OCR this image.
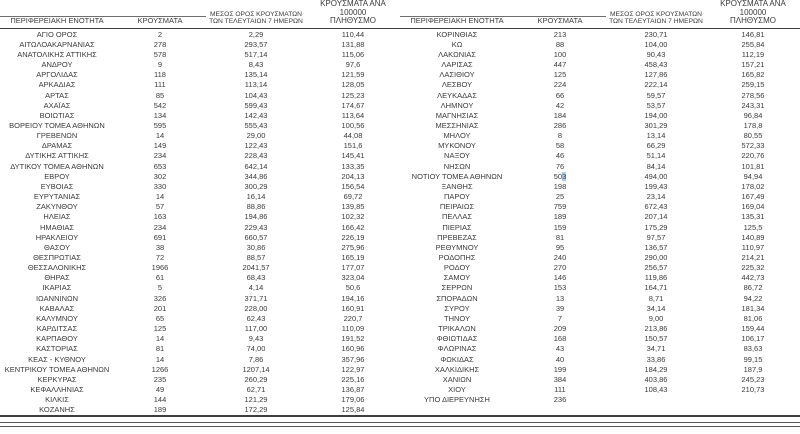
ΠΕΡΙΦΕΡΕΙΑΚΗ ΕΝΟΤΗΤΑ	ΚΡΟΥΣΜΑΤΑ
ΜΕΣΟΣ ΟΡΟΣ ΚΡΟΥΣΜΑΤΩΝ
ΤΩΝ ΤΕΛΕΥΤΑΙΩΝ 7 ΗΜΕΡΩΝ
ΚΡΟΥΣΜΑΤΑ ΑΝΑ 100000
ΠΛΗΘΥΣΜΟ
ΑΓΙΟ ΟΡΟΣ	2	2,29	110,44
ΑΙΤΩΛΟΑΚΑΡΝΑΝΙΑΣ	278	293,57	131,88
ΑΝΑΤΟΛΙΚΗΣ ΑΤΤΙΚΗΣ	578	517,14	115,06
ΑΝΔΡΟΥ	9	8,43	97,6
ΑΡΓΟΛΙΔΑΣ	118	135,14	121,59
ΑΡΚΑΔΙΑΣ	111	113,14	128,05
ΑΡΤΑΣ	85	104,43	125,23
ΑΧΑΪΑΣ	542	599,43	174,67
ΒΟΙΩΤΙΑΣ	134	142,43	113,64
ΒΟΡΕΙΟΥ ΤΟΜΕΑ ΑΘΗΝΩΝ	595	555,43	100,56
ΓΡΕΒΕΝΩΝ	14	29,00	44,08
ΔΡΑΜΑΣ	149	122,43	151,6
ΔΥΤΙΚΗΣ ΑΤΤΙΚΗΣ	234	228,43	145,41
ΔΥΤΙΚΟΥ ΤΟΜΕΑ ΑΘΗΝΩΝ	653	642,14	133,35
ΕΒΡΟΥ	302	344,86	204,13
ΕΥΒΟΙΑΣ	330	300,29	156,54
ΕΥΡΥΤΑΝΙΑΣ	14	16,14	69,72
ΖΑΚΥΝΘΟΥ	57	88,86	139,85
ΗΛΕΙΑΣ	163	194,86	102,32
ΗΜΑΘΙΑΣ	234	229,43	166,42
ΗΡΑΚΛΕΙΟΥ	691	660,57	226,19
ΘΑΣΟΥ	38	30,86	275,96
ΘΕΣΠΡΩΤΙΑΣ	72	88,57	165,19
ΘΕΣΣΑΛΟΝΙΚΗΣ	1966	2041,57	177,07
ΘΗΡΑΣ	61	68,43	323,04
ΙΚΑΡΙΑΣ	5	4,14	50,6
ΙΩΑΝΝΙΝΩΝ	326	371,71	194,16
ΚΑΒΑΛΑΣ	201	228,00	160,91
ΚΑΛΥΜΝΟΥ	65	62,43	220,7
ΚΑΡΔΙΤΣΑΣ	125	117,00	110,09
ΚΑΡΠΑΘΟΥ	14	9,43	191,52
ΚΑΣΤΟΡΙΑΣ	81	74,00	160,96
ΚΕΑΣ - ΚΥΘΝΟΥ	14	7,86	357,96
ΚΕΝΤΡΙΚΟΥ ΤΟΜΕΑ ΑΘΗΝΩΝ	1266	1207,14	122,97
ΚΕΡΚΥΡΑΣ	235	260,29	225,16
ΚΕΦΑΛΛΗΝΙΑΣ	49	62,71	136,87
ΚΙΛΚΙΣ	144	121,29	179,06
ΚΟΖΑΝΗΣ	189	172,29	125,84
ΠΕΡΙΦΕΡΕΙΑΚΗ ΕΝΟΤΗΤΑ	ΚΡΟΥΣΜΑΤΑ
ΜΕΣΟΣ ΟΡΟΣ ΚΡΟΥΣΜΑΤΩΝ
ΤΩΝ ΤΕΛΕΥΤΑΙΩΝ 7 ΗΜΕΡΩΝ
ΚΡΟΥΣΜΑΤΑ ΑΝΑ 100000
ΠΛΗΘΥΣΜΟ
ΚΟΡΙΝΘΙΑΣ	213	230,71	146,81
ΚΩ	88	104,00	255,84
ΛΑΚΩΝΙΑΣ	100	90,43	112,19
ΛΑΡΙΣΑΣ	447	458,43	157,21
ΛΑΣΙΘΙΟΥ	125	127,86	165,82
ΛΕΣΒΟΥ	224	222,14	259,15
ΛΕΥΚΑΔΑΣ	66	59,57	278,56
ΛΗΜΝΟΥ	42	53,57	243,31
ΜΑΓΝΗΣΙΑΣ	184	194,00	96,84
ΜΕΣΣΗΝΙΑΣ	286	301,29	178,8
ΜΗΛΟΥ	8	13,14	80,55
ΜΥΚΟΝΟΥ	58	66,29	572,33
ΝΑΞΟΥ	46	51,14	220,76
ΝΗΣΩΝ	76	84,14	101,81
ΝΟΤΙΟΥ ΤΟΜΕΑ ΑΘΗΝΩΝ	503	494,00	94,94
ΞΑΝΘΗΣ	198	199,43	178,02
ΠΑΡΟΥ	25	23,14	167,49
ΠΕΙΡΑΙΩΣ	759	672,43	169,04
ΠΕΛΛΑΣ	189	207,14	135,31
ΠΙΕΡΙΑΣ	159	175,29	125,5
ΠΡΕΒΕΖΑΣ	81	97,57	140,89
ΡΕΘΥΜΝΟΥ	95	136,57	110,97
ΡΟΔΟΠΗΣ	240	290,00	214,21
ΡΟΔΟΥ	270	256,57	225,32
ΣΑΜΟΥ	146	119,86	442,73
ΣΕΡΡΩΝ	153	164,71	86,72
ΣΠΟΡΑΔΩΝ	13	8,71	94,22
ΣΥΡΟΥ	39	34,14	181,34
ΤΗΝΟΥ	7	9,00	81,06
ΤΡΙΚΑΛΩΝ	209	213,86	159,44
ΦΘΙΩΤΙΔΑΣ	168	150,57	106,17
ΦΛΩΡΙΝΑΣ	43	34,71	83,63
ΦΩΚΙΔΑΣ	40	33,86	99,15
ΧΑΛΚΙΔΙΚΗΣ	199	184,29	187,9
ΧΑΝΙΩΝ	384	403,86	245,23
ΧΙΟΥ	111	108,43	210,73
ΥΠΟ ΔΙΕΡΕΥΝΗΣΗ	236
